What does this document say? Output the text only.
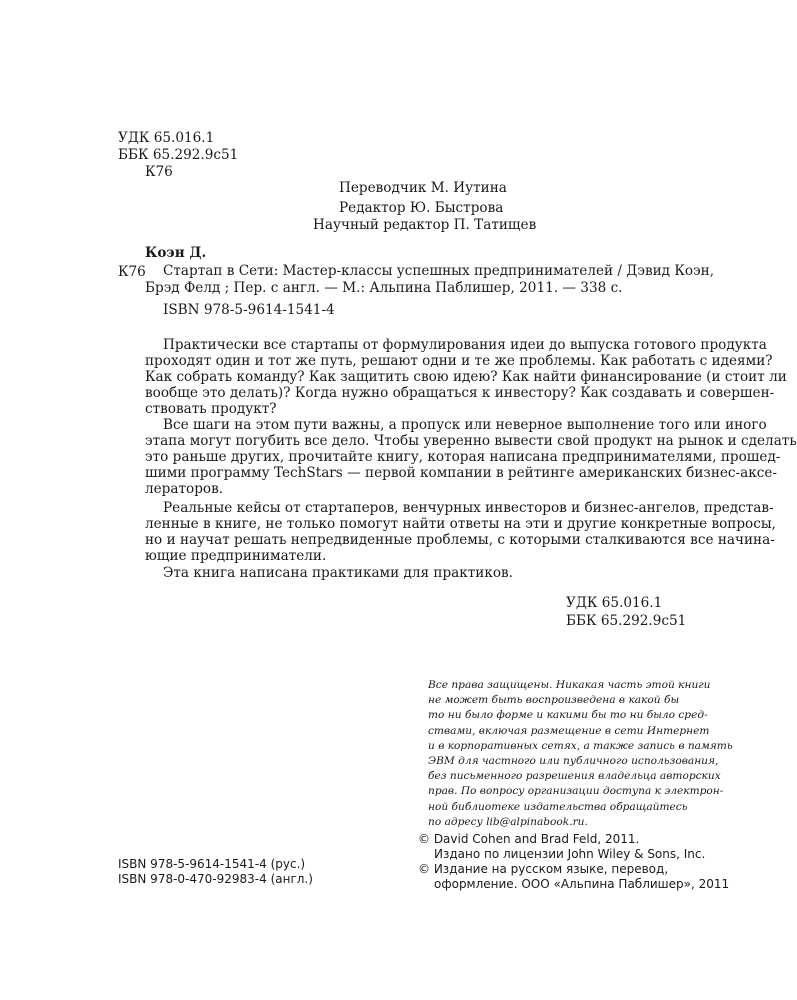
УДК 65.016.1
ББК 65.292.9с51
К76
Переводчик М. Иутина
Редактор Ю. Быстрова
Научный редактор П. Татищев
Коэн Д.
К76 Стартап в Сети: Мастер-классы успешных предпринимателей / Дэвид Коэн,
Брэд Фелд ; Пер. с англ. — М.: Альпина Паблишер, 2011. — 338 с.
ISBN 978-5-9614-1541-4
Практически все стартапы от формулирования идеи до выпуска готового продукта
проходят один и тот же путь, решают одни и те же проблемы. Как работать с идеями?
Как собрать команду? Как защитить свою идею? Как найти финансирование (и стоит ли
вообще это делать)? Когда нужно обращаться к инвестору? Как создавать и совершен-
ствовать продукт?
Все шаги на этом пути важны, а пропуск или неверное выполнение того или иного
этапа могут погубить все дело. Чтобы уверенно вывести свой продукт на рынок и сделать
это раньше других, прочитайте книгу, которая написана предпринимателями, прошед-
шими программу TechStars — первой компании в рейтинге американских бизнес-аксе-
лераторов.
Реальные кейсы от стартаперов, венчурных инвесторов и бизнес-ангелов, представ-
ленные в книге, не только помогут найти ответы на эти и другие конкретные вопросы,
но и научат решать непредвиденные проблемы, с которыми сталкиваются все начина-
ющие предприниматели.
Эта книга написана практиками для практиков.
УДК 65.016.1
ББК 65.292.9с51
Все права защищены. Никакая часть этой книги
не может быть воспроизведена в какой бы
то ни было форме и какими бы то ни было сред-
ствами, включая размещение в сети Интернет
и в корпоративных сетях, а также запись в память
ЭВМ для частного или публичного использования,
без письменного разрешения владельца авторских
прав. По вопросу организации доступа к электрон-
ной библиотеке издательства обращайтесь
по адресу lib@alpinabook.ru.
ISBN 978-5-9614-1541-4 (рус.)
ISBN 978-0-470-92983-4 (англ.)
© David Cohen and Brad Feld, 2011.
Издано по лицензии John Wiley & Sons, Inc.
© Издание на русском языке, перевод,
оформление. ООО «Альпина Паблишер», 2011
